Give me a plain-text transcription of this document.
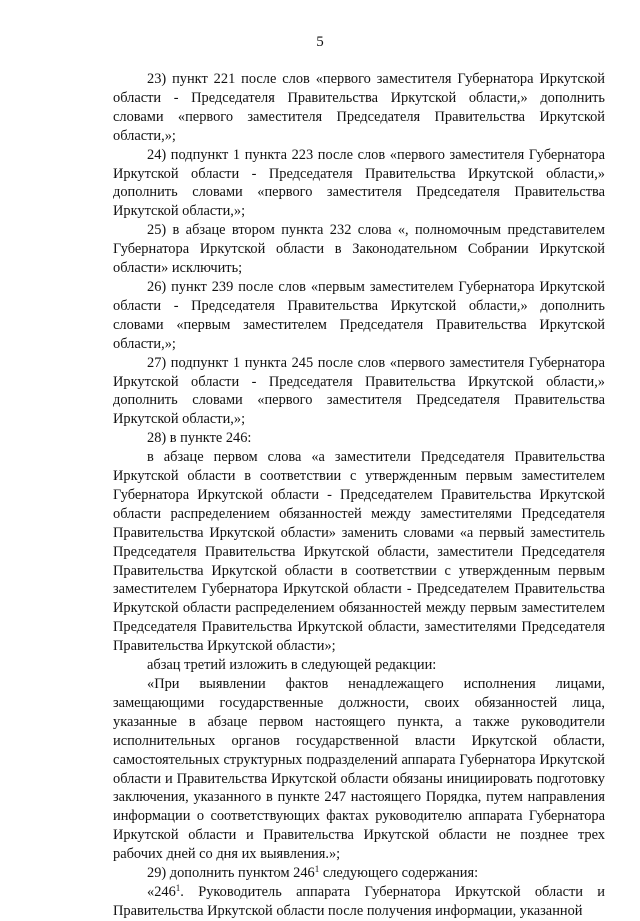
5

23) пункт 221 после слов «первого заместителя Губернатора Иркутской области - Председателя Правительства Иркутской области,» дополнить словами «первого заместителя Председателя Правительства Иркутской области,»;

24) подпункт 1 пункта 223 после слов «первого заместителя Губернатора Иркутской области - Председателя Правительства Иркутской области,» дополнить словами «первого заместителя Председателя Правительства Иркутской области,»;

25) в абзаце втором пункта 232 слова «, полномочным представителем Губернатора Иркутской области в Законодательном Собрании Иркутской области» исключить;

26) пункт 239 после слов «первым заместителем Губернатора Иркутской области - Председателя Правительства Иркутской области,» дополнить словами «первым заместителем Председателя Правительства Иркутской области,»;

27) подпункт 1 пункта 245 после слов «первого заместителя Губернатора Иркутской области - Председателя Правительства Иркутской области,» дополнить словами «первого заместителя Председателя Правительства Иркутской области,»;

28) в пункте 246:

в абзаце первом слова «а заместители Председателя Правительства Иркутской области в соответствии с утвержденным первым заместителем Губернатора Иркутской области - Председателем Правительства Иркутской области распределением обязанностей между заместителями Председателя Правительства Иркутской области» заменить словами «а первый заместитель Председателя Правительства Иркутской области, заместители Председателя Правительства Иркутской области в соответствии с утвержденным первым заместителем Губернатора Иркутской области - Председателем Правительства Иркутской области распределением обязанностей между первым заместителем Председателя Правительства Иркутской области, заместителями Председателя Правительства Иркутской области»;

абзац третий изложить в следующей редакции:

«При выявлении фактов ненадлежащего исполнения лицами, замещающими государственные должности, своих обязанностей лица, указанные в абзаце первом настоящего пункта, а также руководители исполнительных органов государственной власти Иркутской области, самостоятельных структурных подразделений аппарата Губернатора Иркутской области и Правительства Иркутской области обязаны инициировать подготовку заключения, указанного в пункте 247 настоящего Порядка, путем направления информации о соответствующих фактах руководителю аппарата Губернатора Иркутской области и Правительства Иркутской области не позднее трех рабочих дней со дня их выявления.»;

29) дополнить пунктом $246^1$ следующего содержания:

«$246^1$. Руководитель аппарата Губернатора Иркутской области и Правительства Иркутской области после получения информации, указанной
